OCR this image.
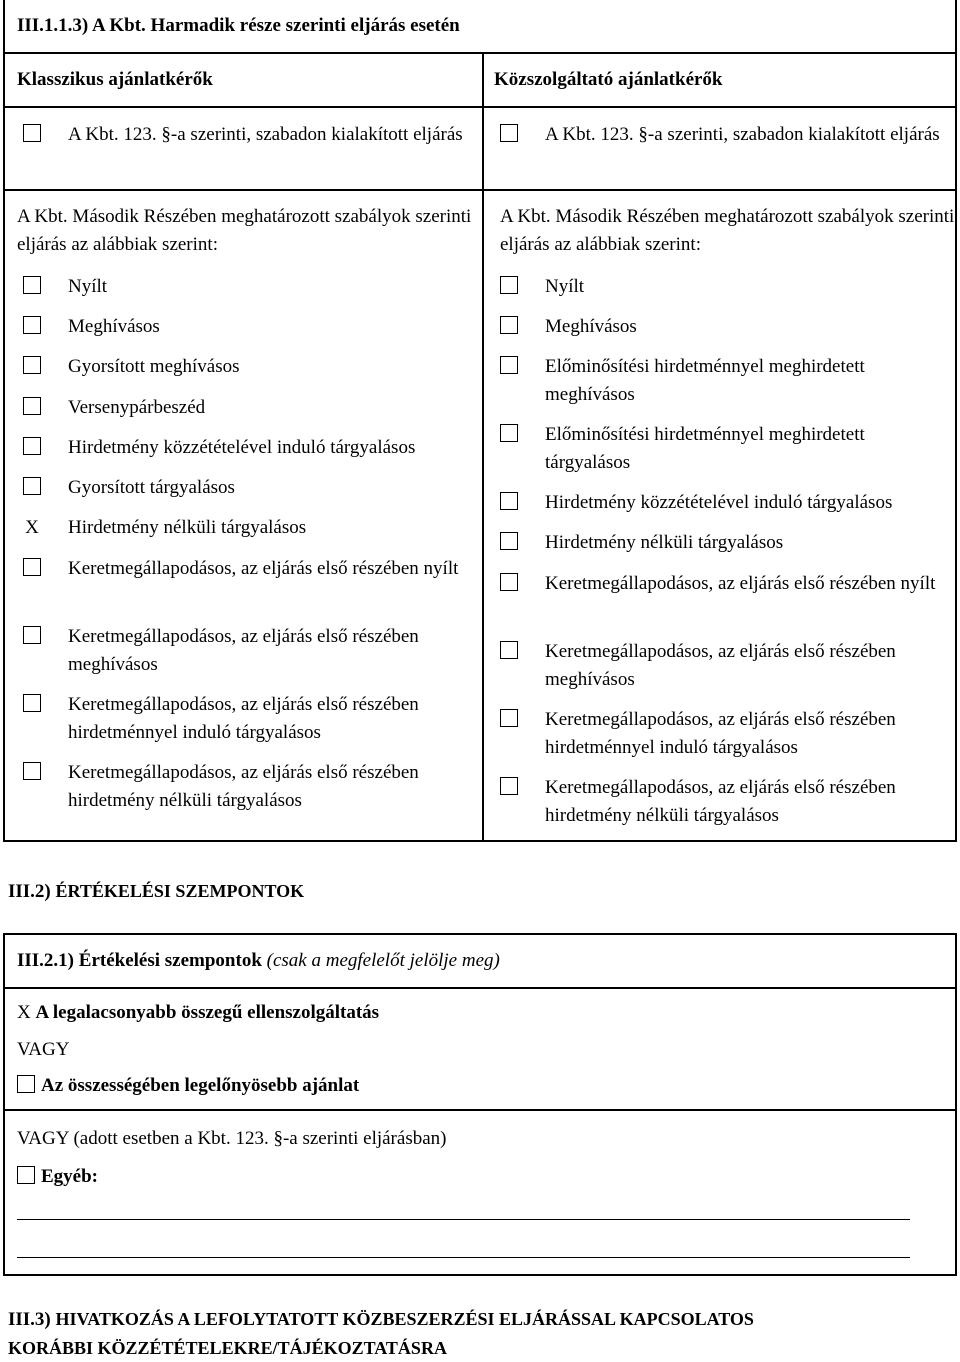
III.1.1.3) A Kbt. Harmadik része szerinti eljárás esetén
Klasszikus ajánlatkérők
A Kbt. 123. §-a szerinti, szabadon kialakított eljárás
A Kbt. Második Részében meghatározott szabályok szerinti eljárás az alábbiak szerint:
Nyílt
Meghívásos
Gyorsított meghívásos
Versenypárbeszéd
Hirdetmény közzétételével induló tárgyalásos
Gyorsított tárgyalásos
X Hirdetmény nélküli tárgyalásos
Keretmegállapodásos, az eljárás első részében nyílt
Keretmegállapodásos, az eljárás első részében meghívásos
Keretmegállapodásos, az eljárás első részében hirdetménnyel induló tárgyalásos
Keretmegállapodásos, az eljárás első részében hirdetmény nélküli tárgyalásos
Közszolgáltató ajánlatkérők
A Kbt. 123. §-a szerinti, szabadon kialakított eljárás
A Kbt. Második Részében meghatározott szabályok szerinti eljárás az alábbiak szerint:
Nyílt
Meghívásos
Előminősítési hirdetménnyel meghirdetett meghívásos
Előminősítési hirdetménnyel meghirdetett tárgyalásos
Hirdetmény közzétételével induló tárgyalásos
Hirdetmény nélküli tárgyalásos
Keretmegállapodásos, az eljárás első részében nyílt
Keretmegállapodásos, az eljárás első részében meghívásos
Keretmegállapodásos, az eljárás első részében hirdetménnyel induló tárgyalásos
Keretmegállapodásos, az eljárás első részében hirdetmény nélküli tárgyalásos
III.2) ÉRTÉKELÉSI SZEMPONTOK
III.2.1) Értékelési szempontok (csak a megfelelőt jelölje meg)
X A legalacsonyabb összegű ellenszolgáltatás
VAGY
Az összességében legelőnyösebb ajánlat
VAGY (adott esetben a Kbt. 123. §-a szerinti eljárásban)
Egyéb:
III.3) HIVATKOZÁS A LEFOLYTATOTT KÖZBESZERZÉSI ELJÁRÁSSAL KAPCSOLATOS
KORÁBBI KÖZZÉTÉTELEKRE/TÁJÉKOZTATÁSRA
